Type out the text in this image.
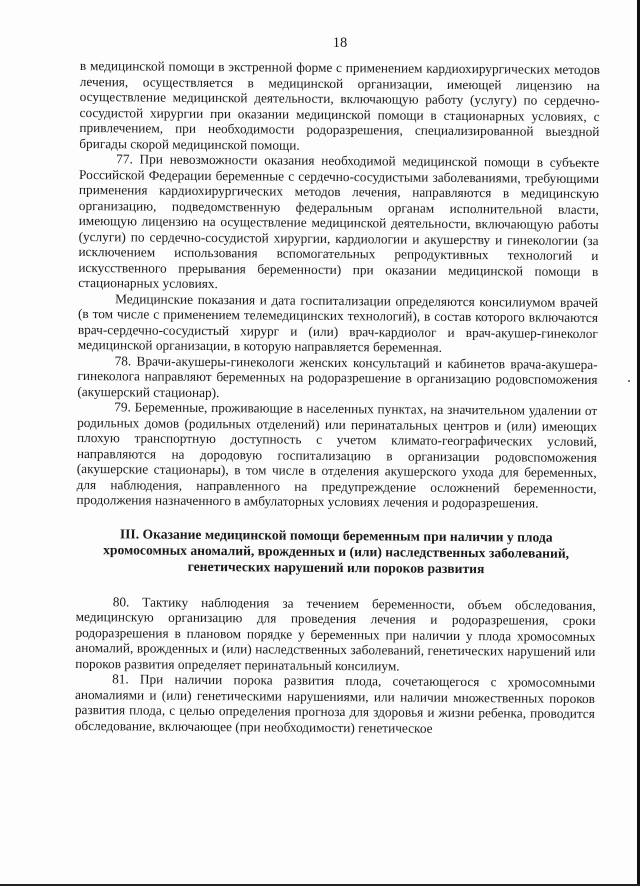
18

в медицинской помощи в экстренной форме с применением кардиохирургических методов лечения, осуществляется в медицинской организации, имеющей лицензию на осуществление медицинской деятельности, включающую работу (услугу) по сердечно-сосудистой хирургии при оказании медицинской помощи в стационарных условиях, с привлечением, при необходимости родоразрешения, специализированной выездной бригады скорой медицинской помощи.

77. При невозможности оказания необходимой медицинской помощи в субъекте Российской Федерации беременные с сердечно-сосудистыми заболеваниями, требующими применения кардиохирургических методов лечения, направляются в медицинскую организацию, подведомственную федеральным органам исполнительной власти, имеющую лицензию на осуществление медицинской деятельности, включающую работы (услуги) по сердечно-сосудистой хирургии, кардиологии и акушерству и гинекологии (за исключением использования вспомогательных репродуктивных технологий и искусственного прерывания беременности) при оказании медицинской помощи в стационарных условиях.

Медицинские показания и дата госпитализации определяются консилиумом врачей (в том числе с применением телемедицинских технологий), в состав которого включаются врач-сердечно-сосудистый хирург и (или) врач-кардиолог и врач-акушер-гинеколог медицинской организации, в которую направляется беременная.

78. Врачи-акушеры-гинекологи женских консультаций и кабинетов врача-акушера-гинеколога направляют беременных на родоразрешение в организацию родовспоможения (акушерский стационар).

79. Беременные, проживающие в населенных пунктах, на значительном удалении от родильных домов (родильных отделений) или перинатальных центров и (или) имеющих плохую транспортную доступность с учетом климато-географических условий, направляются на дородовую госпитализацию в организации родовспоможения (акушерские стационары), в том числе в отделения акушерского ухода для беременных, для наблюдения, направленного на предупреждение осложнений беременности, продолжения назначенного в амбулаторных условиях лечения и родоразрешения.

III. Оказание медицинской помощи беременным при наличии у плода хромосомных аномалий, врожденных и (или) наследственных заболеваний, генетических нарушений или пороков развития

80. Тактику наблюдения за течением беременности, объем обследования, медицинскую организацию для проведения лечения и родоразрешения, сроки родоразрешения в плановом порядке у беременных при наличии у плода хромосомных аномалий, врожденных и (или) наследственных заболеваний, генетических нарушений или пороков развития определяет перинатальный консилиум.

81. При наличии порока развития плода, сочетающегося с хромосомными аномалиями и (или) генетическими нарушениями, или наличии множественных пороков развития плода, с целью определения прогноза для здоровья и жизни ребенка, проводится обследование, включающее (при необходимости) генетическое
